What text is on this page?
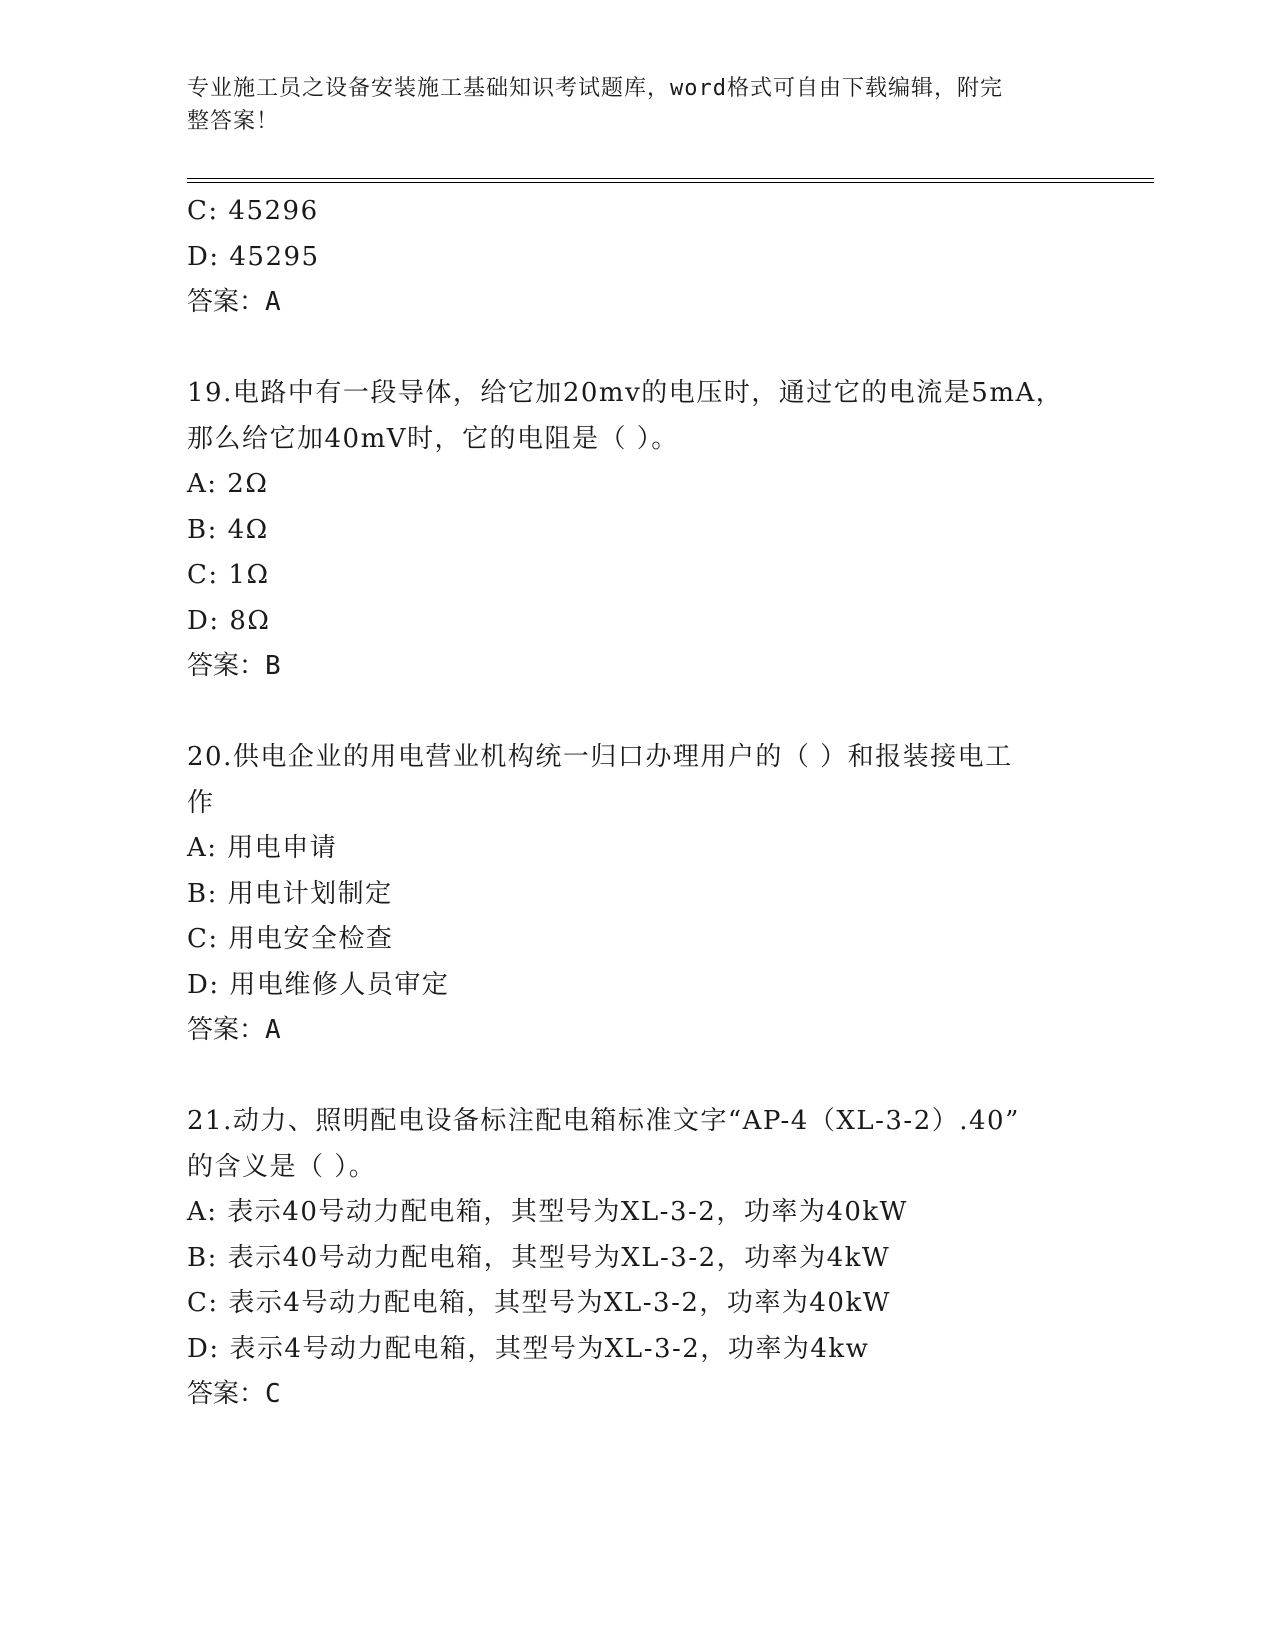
专业施工员之设备安装施工基础知识考试题库，word格式可自由下载编辑，附完
整答案！
C: 45296
D: 45295
答案：A
19.电路中有一段导体，给它加20mv的电压时，通过它的电流是5mA，
那么给它加40mV时，它的电阻是（ ）。
A: 2Ω
B: 4Ω
C: 1Ω
D: 8Ω
答案：B
20.供电企业的用电营业机构统一归口办理用户的（ ）和报装接电工
作
A: 用电申请
B: 用电计划制定
C: 用电安全检查
D: 用电维修人员审定
答案：A
21.动力、照明配电设备标注配电箱标准文字“AP-4（XL-3-2）.40”
的含义是（ ）。
A: 表示40号动力配电箱，其型号为XL-3-2，功率为40kW
B: 表示40号动力配电箱，其型号为XL-3-2，功率为4kW
C: 表示4号动力配电箱，其型号为XL-3-2，功率为40kW
D: 表示4号动力配电箱，其型号为XL-3-2，功率为4kw
答案：C
